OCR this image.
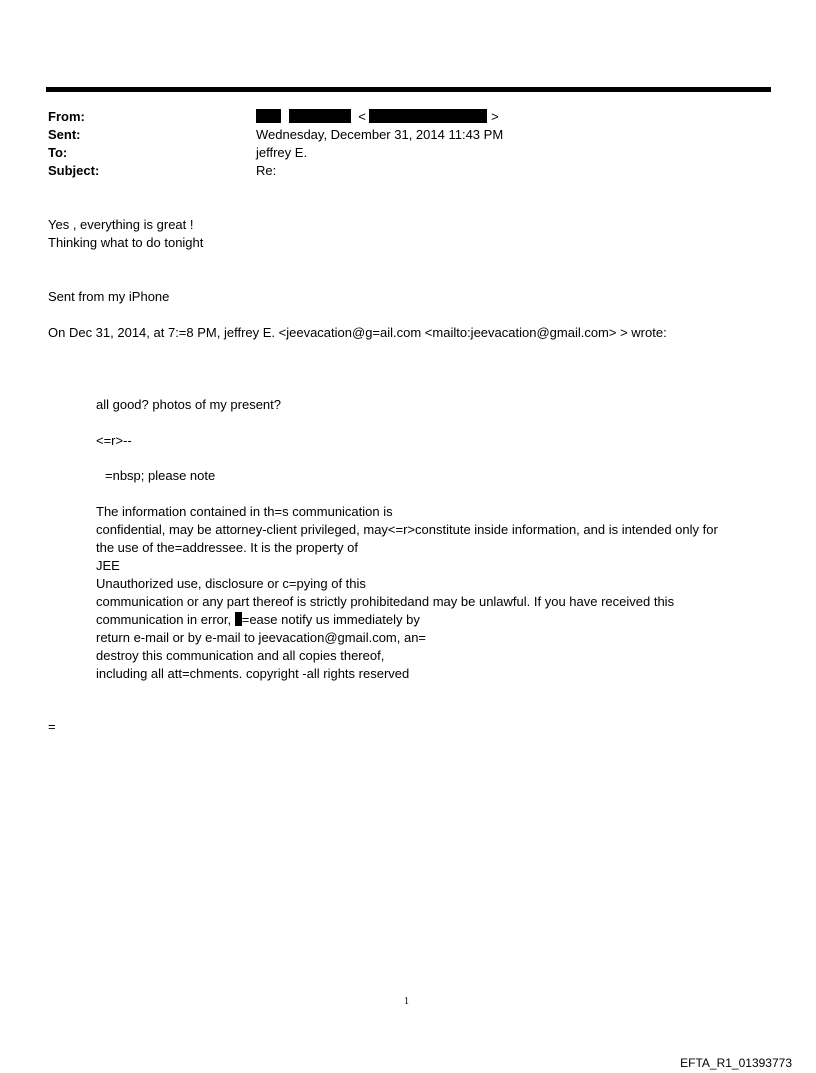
From:	<	>
Sent:	Wednesday, December 31, 2014 11:43 PM
To:	jeffrey E.
Subject:	Re:
Yes , everything is great !
Thinking what to do tonight
Sent from my iPhone
On Dec 31, 2014, at 7:=8 PM, jeffrey E. <jeevacation@g=ail.com <mailto:jeevacation@gmail.com> > wrote:
all good? photos of my present?
<=r>--
=nbsp; please note
The information contained in th=s communication is
confidential, may be attorney-client privileged, may<=r>constitute inside information, and is intended only for
the use of the=addressee. It is the property of
JEE
Unauthorized use, disclosure or c=pying of this
communication or any part thereof is strictly prohibitedand may be unlawful. If you have received this
communication in error, =ease notify us immediately by
return e-mail or by e-mail to jeevacation@gmail.com, an=
destroy this communication and all copies thereof,
including all att=chments. copyright -all rights reserved
=
1
EFTA_R1_01393773
